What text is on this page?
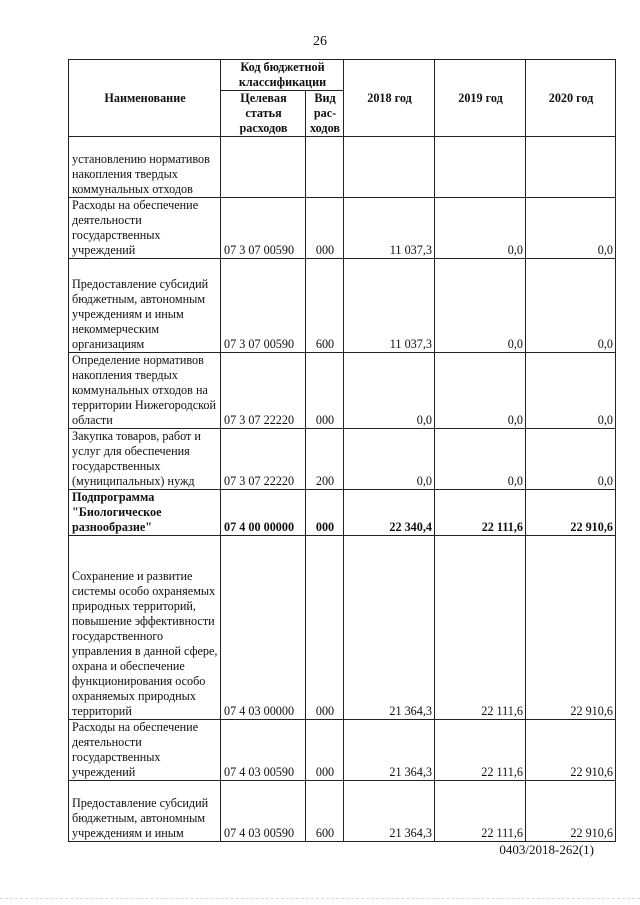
26
Наименование	Код бюджетной классификации		2018 год	2019 год	2020 год
	Целевая статья расходов	Вид рас-ходов			
установлению нормативов накопления твердых коммунальных отходов					
Расходы на обеспечение деятельности государственных учреждений	07 3 07 00590	000	11 037,3	0,0	0,0
Предоставление субсидий бюджетным, автономным учреждениям и иным некоммерческим организациям	07 3 07 00590	600	11 037,3	0,0	0,0
Определение нормативов накопления твердых коммунальных отходов на территории Нижегородской области	07 3 07 22220	000	0,0	0,0	0,0
Закупка товаров, работ и услуг для обеспечения государственных (муниципальных) нужд	07 3 07 22220	200	0,0	0,0	0,0
Подпрограмма "Биологическое разнообразие"	07 4 00 00000	000	22 340,4	22 111,6	22 910,6
Сохранение и развитие системы особо охраняемых природных территорий, повышение эффективности государственного управления в данной сфере, охрана и обеспечение функционирования особо охраняемых природных территорий	07 4 03 00000	000	21 364,3	22 111,6	22 910,6
Расходы на обеспечение деятельности государственных учреждений	07 4 03 00590	000	21 364,3	22 111,6	22 910,6
Предоставление субсидий бюджетным, автономным учреждениям и иным	07 4 03 00590	600	21 364,3	22 111,6	22 910,6
0403/2018-262(1)
